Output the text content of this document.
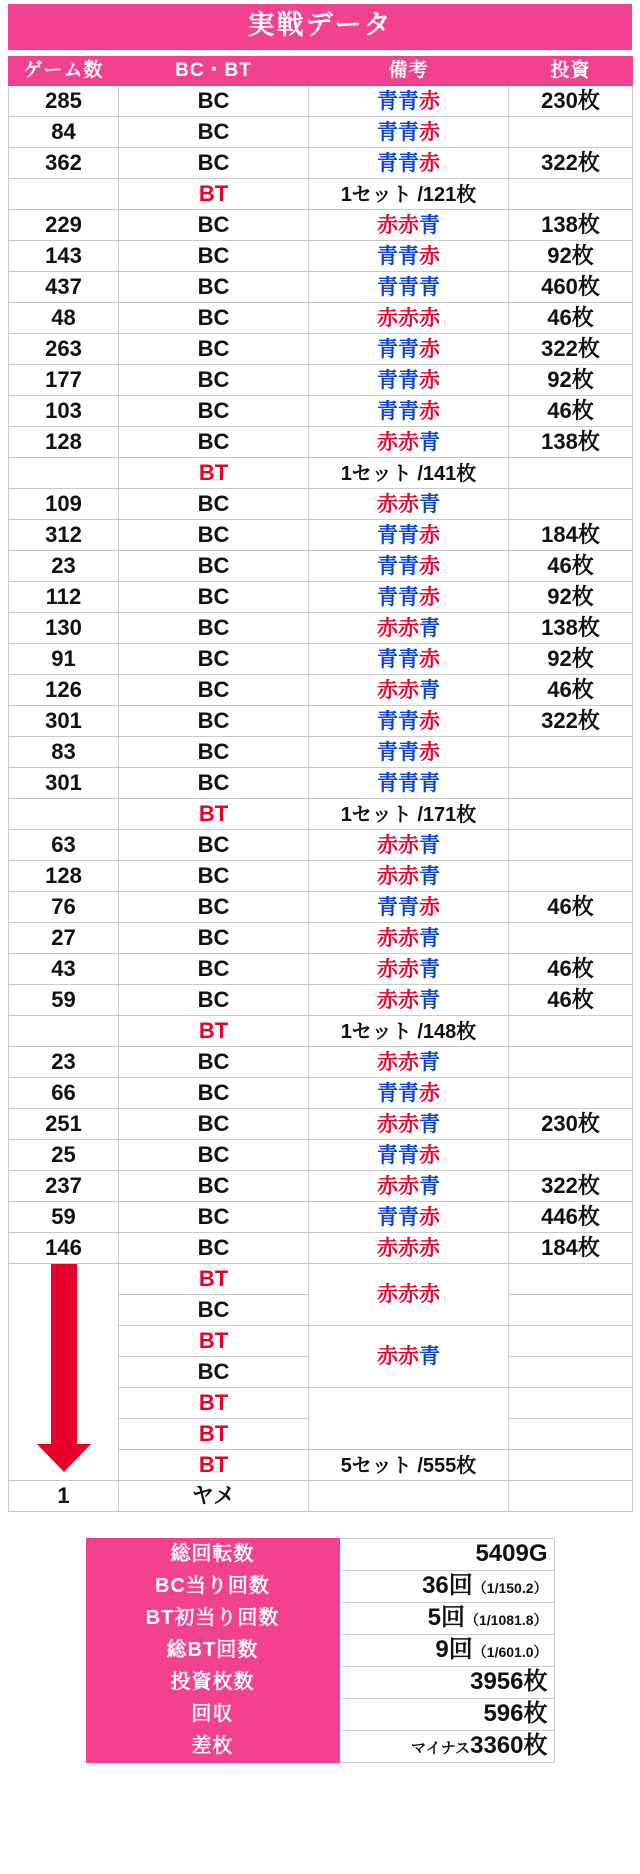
実戦データ
ゲーム数	BC・BT	備考	投資
285	BC	青青赤	230枚
84	BC	青青赤	
362	BC	青青赤	322枚
	BT	1セット /121枚	
229	BC	赤赤青	138枚
143	BC	青青赤	92枚
437	BC	青青青	460枚
48	BC	赤赤赤	46枚
263	BC	青青赤	322枚
177	BC	青青赤	92枚
103	BC	青青赤	46枚
128	BC	赤赤青	138枚
	BT	1セット /141枚	
109	BC	赤赤青	
312	BC	青青赤	184枚
23	BC	青青赤	46枚
112	BC	青青赤	92枚
130	BC	赤赤青	138枚
91	BC	青青赤	92枚
126	BC	赤赤青	46枚
301	BC	青青赤	322枚
83	BC	青青赤	
301	BC	青青青	
	BT	1セット /171枚	
63	BC	赤赤青	
128	BC	赤赤青	
76	BC	青青赤	46枚
27	BC	赤赤青	
43	BC	赤赤青	46枚
59	BC	赤赤青	46枚
	BT	1セット /148枚	
23	BC	赤赤青	
66	BC	青青赤	
251	BC	赤赤青	230枚
25	BC	青青赤	
237	BC	赤赤青	322枚
59	BC	青青赤	446枚
146	BC	赤赤赤	184枚

	BT	赤赤赤	
	BC		
	BT	赤赤青	
	BC		
	BT		
	BT		
	BT	5セット /555枚	
1	ヤメ		
総回転数	5409G
BC当り回数	36回（1/150.2）
BT初当り回数	5回（1/1081.8）
総BT回数	9回（1/601.0）
投資枚数	3956枚
回収	596枚
差枚	マイナス3360枚
